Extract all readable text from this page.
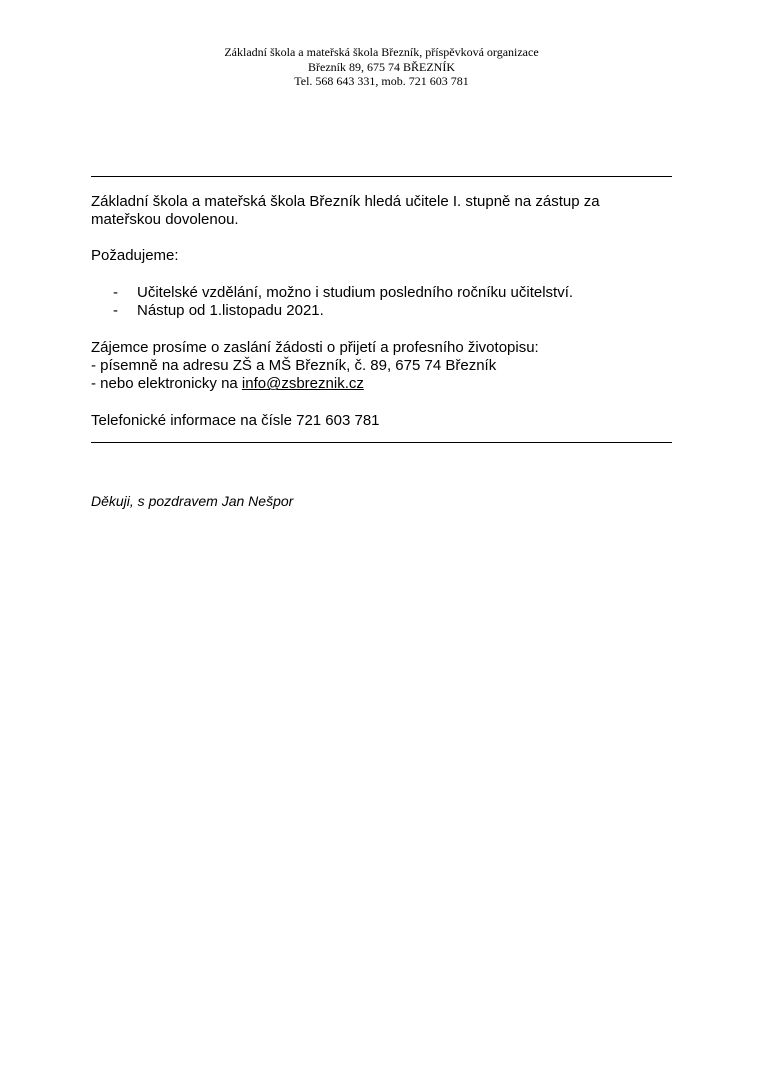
Základní škola a mateřská škola Březník, příspěvková organizace
Březník 89, 675 74 BŘEZNÍK
Tel. 568 643 331, mob. 721 603 781

Základní škola a mateřská škola Březník hledá učitele I. stupně na zástup za mateřskou dovolenou.

Požadujeme:

- Učitelské vzdělání, možno i studium posledního ročníku učitelství.
- Nástup od 1.listopadu 2021.

Zájemce prosíme o zaslání žádosti o přijetí a profesního životopisu:

- písemně na adresu ZŠ a MŠ Březník, č. 89, 675 74 Březník

- nebo elektronicky na info@zsbreznik.cz

Telefonické informace na čísle 721 603 781

Děkuji, s pozdravem Jan Nešpor
